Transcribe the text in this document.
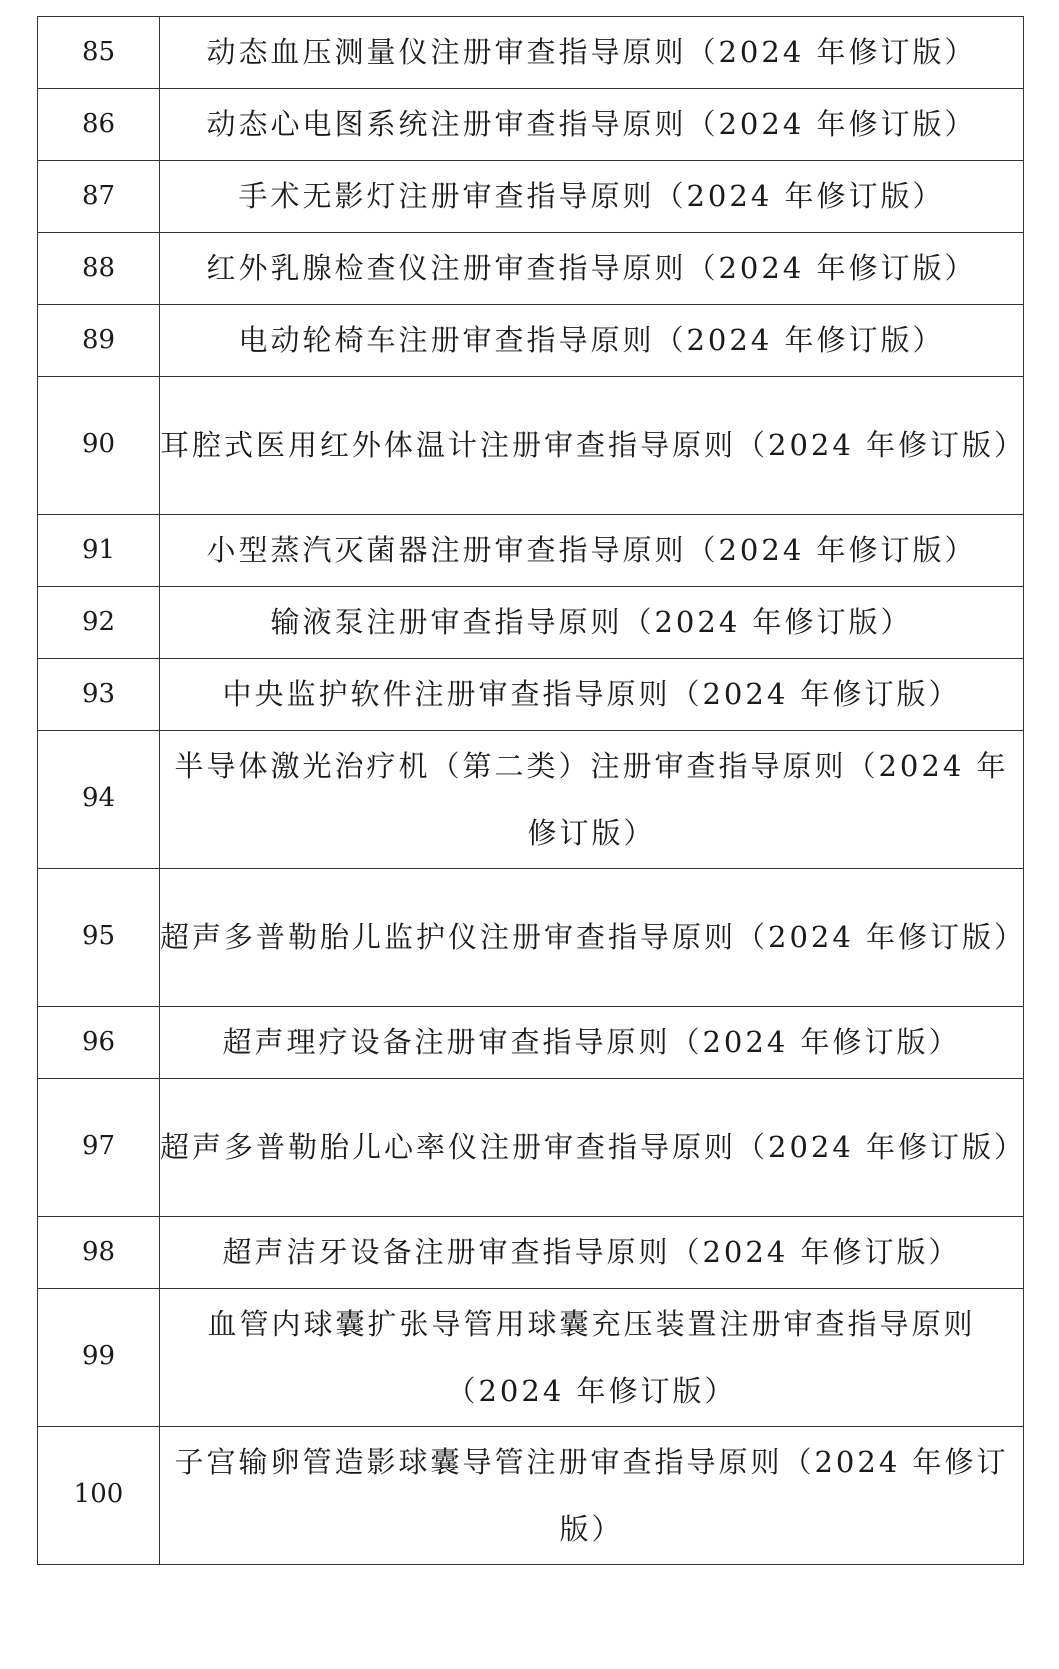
85	动态血压测量仪注册审查指导原则（2024 年修订版）

86	动态心电图系统注册审查指导原则（2024 年修订版）

87	手术无影灯注册审查指导原则（2024 年修订版）

88	红外乳腺检查仪注册审查指导原则（2024 年修订版）

89	电动轮椅车注册审查指导原则（2024 年修订版）

90	耳腔式医用红外体温计注册审查指导原则（2024 年修订版）

91	小型蒸汽灭菌器注册审查指导原则（2024 年修订版）

92	输液泵注册审查指导原则（2024 年修订版）

93	中央监护软件注册审查指导原则（2024 年修订版）

94	半导体激光治疗机（第二类）注册审查指导原则（2024 年修订版）

95	超声多普勒胎儿监护仪注册审查指导原则（2024 年修订版）

96	超声理疗设备注册审查指导原则（2024 年修订版）

97	超声多普勒胎儿心率仪注册审查指导原则（2024 年修订版）

98	超声洁牙设备注册审查指导原则（2024 年修订版）

99	血管内球囊扩张导管用球囊充压装置注册审查指导原则（2024 年修订版）

100	子宫输卵管造影球囊导管注册审查指导原则（2024 年修订版）
